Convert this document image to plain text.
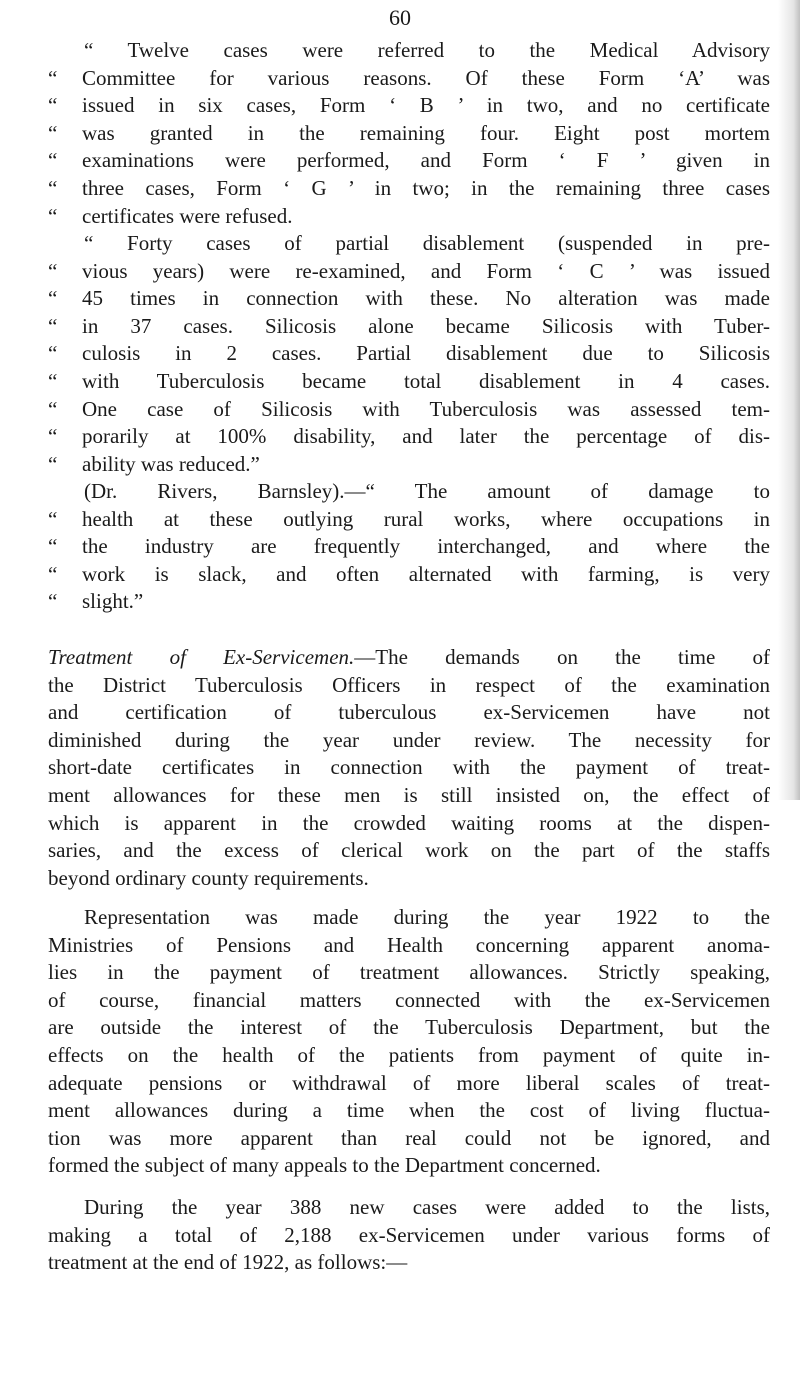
60
“ Twelve cases were referred to the Medical Advisory
“ Committee for various reasons. Of these Form ‘A’ was
“ issued in six cases, Form ‘ B ’ in two, and no certificate
“ was granted in the remaining four. Eight post mortem
“ examinations were performed, and Form ‘ F ’ given in
“ three cases, Form ‘ G ’ in two; in the remaining three cases
“ certificates were refused.
“ Forty cases of partial disablement (suspended in pre-
“ vious years) were re-examined, and Form ‘ C ’ was issued
“ 45 times in connection with these. No alteration was made
“ in 37 cases. Silicosis alone became Silicosis with Tuber-
“ culosis in 2 cases. Partial disablement due to Silicosis
“ with Tuberculosis became total disablement in 4 cases.
“ One case of Silicosis with Tuberculosis was assessed tem-
“ porarily at 100% disability, and later the percentage of dis-
“ ability was reduced.”
(Dr. Rivers, Barnsley).—“ The amount of damage to
“ health at these outlying rural works, where occupations in
“ the industry are frequently interchanged, and where the
“ work is slack, and often alternated with farming, is very
“ slight.”
Treatment of Ex-Servicemen.—The demands on the time of
the District Tuberculosis Officers in respect of the examination
and certification of tuberculous ex-Servicemen have not
diminished during the year under review. The necessity for
short-date certificates in connection with the payment of treat-
ment allowances for these men is still insisted on, the effect of
which is apparent in the crowded waiting rooms at the dispen-
saries, and the excess of clerical work on the part of the staffs
beyond ordinary county requirements.
Representation was made during the year 1922 to the
Ministries of Pensions and Health concerning apparent anoma-
lies in the payment of treatment allowances. Strictly speaking,
of course, financial matters connected with the ex-Servicemen
are outside the interest of the Tuberculosis Department, but the
effects on the health of the patients from payment of quite in-
adequate pensions or withdrawal of more liberal scales of treat-
ment allowances during a time when the cost of living fluctua-
tion was more apparent than real could not be ignored, and
formed the subject of many appeals to the Department concerned.
During the year 388 new cases were added to the lists,
making a total of 2,188 ex-Servicemen under various forms of
treatment at the end of 1922, as follows:—
